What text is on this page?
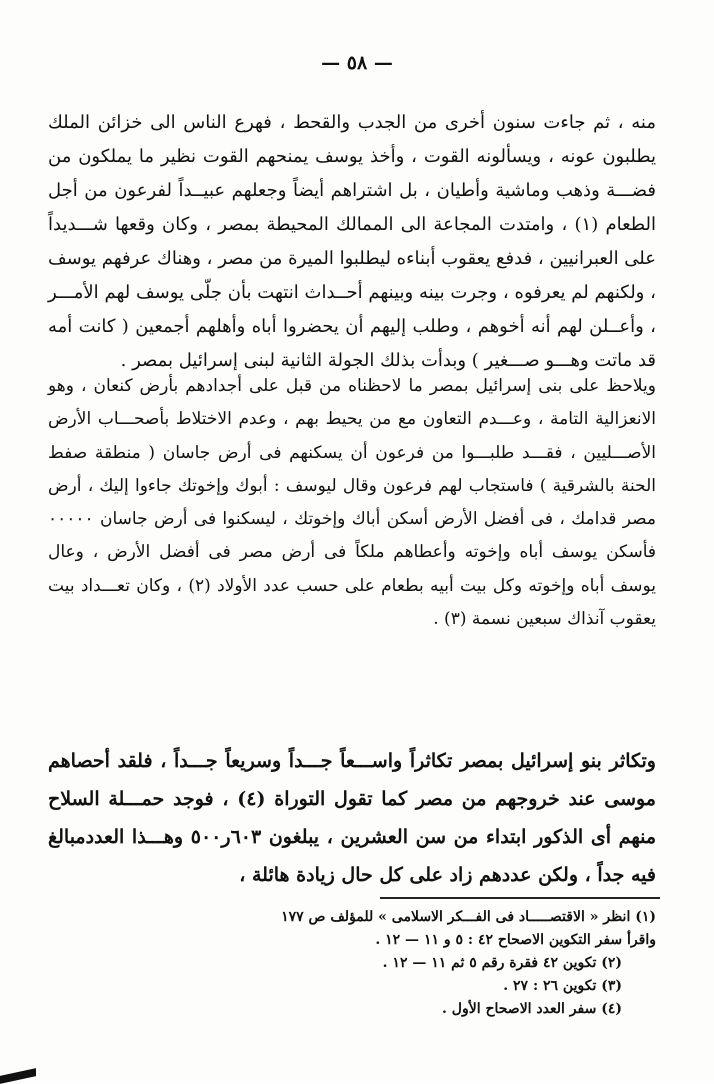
— ٥٨ —

منه ، ثم جاءت سنون أخرى من الجدب والقحط ، فهرع الناس الى خزائن الملك يطلبون عونه ، ويسألونه القوت ، وأخذ يوسف يمنحهم القوت نظير ما يملكون من فضـــة وذهب وماشية وأطيان ، بل اشتراهم أيضاً وجعلهم عبيــداً لفرعون من أجل الطعام (١) ، وامتدت المجاعة الى الممالك المحيطة بمصر ، وكان وقعها شـــديداً على العبرانيين ، فدفع يعقوب أبناءه ليطلبوا الميرة من مصر ، وهناك عرفهم يوسف ، ولكنهم لم يعرفوه ، وجرت بينه وبينهم أحــداث انتهت بأن جلّى يوسف لهم الأمـــر ، وأعــلن لهم أنه أخوهم ، وطلب إليهم أن يحضروا أباه وأهلهم أجمعين ( كانت أمه قد ماتت وهـــو صـــغير ) وبدأت بذلك الجولة الثانية لبنى إسرائيل بمصر .

ويلاحظ على بنى إسرائيل بمصر ما لاحظناه من قبل على أجدادهم بأرض كنعان ، وهو الانعزالية التامة ، وعـــدم التعاون مع من يحيط بهم ، وعدم الاختلاط بأصحـــاب الأرض الأصـــليين ، فقـــد طلبـــوا من فرعون أن يسكنهم فى أرض جاسان ( منطقة صفط الحنة بالشرقية ) فاستجاب لهم فرعون وقال ليوسف : أبوك وإخوتك جاءوا إليك ، أرض مصر قدامك ، فى أفضل الأرض أسكن أباك وإخوتك ، ليسكنوا فى أرض جاسان ٠٠٠٠٠ فأسكن يوسف أباه وإخوته وأعطاهم ملكاً فى أرض مصر فى أفضل الأرض ، وعال يوسف أباه وإخوته وكل بيت أبيه بطعام على حسب عدد الأولاد (٢) ، وكان تعـــداد بيت يعقوب آنذاك سبعين نسمة (٣) .

وتكاثر بنو إسرائيل بمصر تكاثراً واســـعاً جـــداً وسريعاً جـــداً ، فلقد أحصاهم موسى عند خروجهم من مصر كما تقول التوراة (٤) ، فوجد حمـــلة السلاح منهم أى الذكور ابتداء من سن العشرين ، يبلغون ٦٠٣ر٥٠٠ وهـــذا العددمبالغ فيه جداً ، ولكن عددهم زاد على كل حال زيادة هائلة ،

(١) انظر « الاقتصـــــاد فى الفـــكر الاسلامى » للمؤلف ص ١٧٧
واقرأ سفر التكوين الاصحاح ٤٢ : ٥ و ١١ — ١٢ .
(٢) تكوين ٤٢ فقرة رقم ٥ ثم ١١ — ١٢ .
(٣) تكوين ٢٦ : ٢٧ .
(٤) سفر العدد الاصحاح الأول .
